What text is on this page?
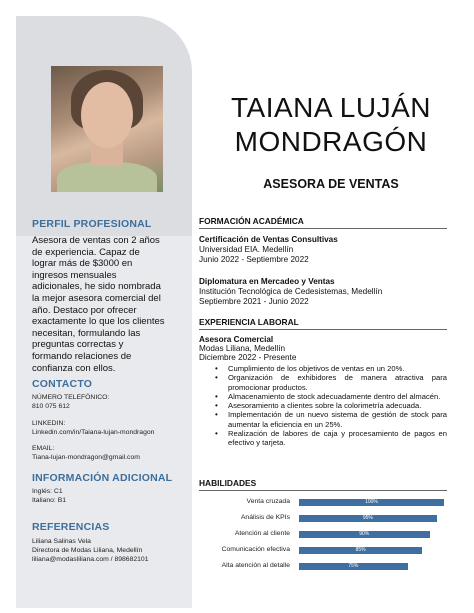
PERFIL PROFESIONAL
Asesora de ventas con 2 años de experiencia. Capaz de lograr más de $3000 en ingresos mensuales adicionales, he sido nombrada la mejor asesora comercial del año. Destaco por ofrecer exactamente lo que los clientes necesitan, formulando las preguntas correctas y formando relaciones de confianza con ellos.
CONTACTO
NÚMERO TELEFÓNICO:
810 075 612
LINKEDIN:
Linkedin.com/in/Taiana-lujan-mondragon
EMAIL:
Tiana-lujan-mondragon@gmail.com
INFORMACIÓN ADICIONAL
Inglés: C1
Italiano: B1
REFERENCIAS
Liliana Salinas Vela
Directora de Modas Liliana, Medellín
liliana@modasliliana.com / 898682101
TAIANA LUJÁN
MONDRAGÓN
ASESORA DE VENTAS
FORMACIÓN ACADÉMICA
Certificación de Ventas Consultivas
Universidad EIA. Medellín
Junio 2022 - Septiembre 2022
Diplomatura en Mercadeo y Ventas
Institución Tecnológica de Cedesistemas, Medellín
Septiembre 2021 - Junio 2022
EXPERIENCIA LABORAL
Asesora Comercial
Modas Liliana, Medellín
Diciembre 2022 - Presente
• Cumplimiento de los objetivos de ventas en un 20%.
• Organización de exhibidores de manera atractiva para promocionar productos.
• Almacenamiento de stock adecuadamente dentro del almacén.
• Asesoramiento a clientes sobre la colorimetría adecuada.
• Implementación de un nuevo sistema de gestión de stock para aumentar la eficiencia en un 25%.
• Realización de labores de caja y procesamiento de pagos en efectivo y tarjeta.
HABILIDADES
Venta cruzada	100%
Análisis de KPIs	95%
Atención al cliente	90%
Comunicación efectiva	85%
Alta atención al detalle	75%
